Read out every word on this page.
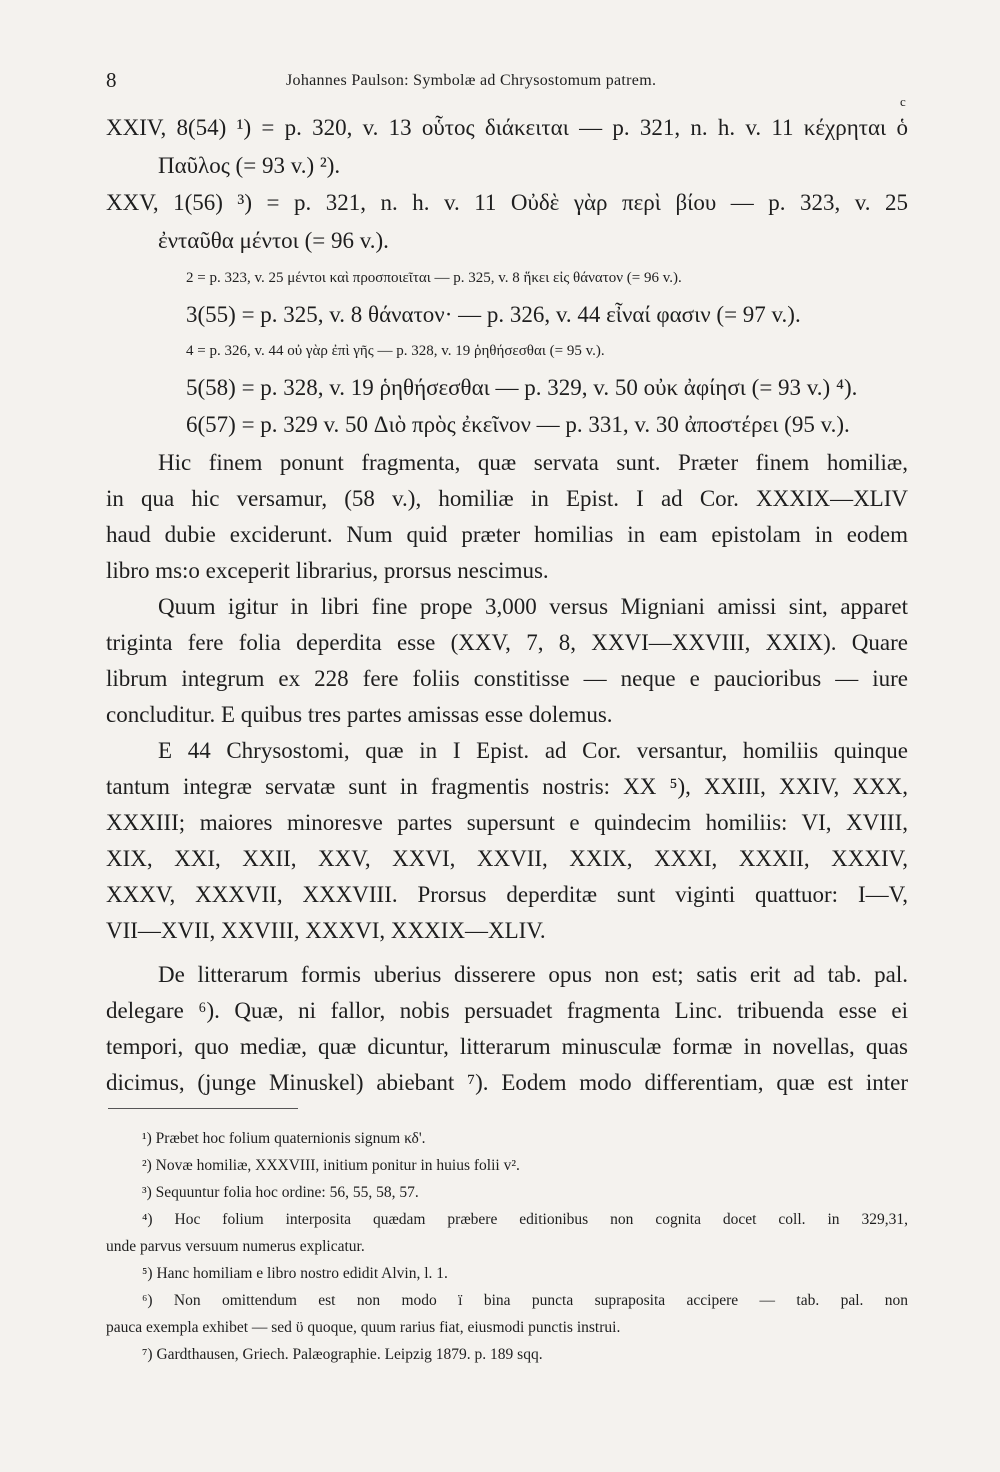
8	Johannes Paulson: Symbolæ ad Chrysostomum patrem.
c
XXIV, 8(54) ¹) = p. 320, v. 13 οὗτος διάκειται — p. 321, n. h. v. 11 κέχρηται ὁ
Παῦλος (= 93 v.) ²).
XXV, 1(56) ³) = p. 321, n. h. v. 11 Οὐδὲ γὰρ περὶ βίου — p. 323, v. 25
ἐνταῦθα μέντοι (= 96 v.).
2 = p. 323, v. 25 μέντοι καὶ προσποιεῖται — p. 325, v. 8 ἥκει εἰς θάνατον (= 96 v.).
3(55) = p. 325, v. 8 θάνατον· — p. 326, v. 44 εἶναί φασιν (= 97 v.).
4 = p. 326, v. 44 οὐ γὰρ ἐπὶ γῆς — p. 328, v. 19 ῥηθήσεσθαι (= 95 v.).
5(58) = p. 328, v. 19 ῥηθήσεσθαι — p. 329, v. 50 οὐκ ἀφίησι (= 93 v.) ⁴).
6(57) = p. 329 v. 50 Διὸ πρὸς ἐκεῖνον — p. 331, v. 30 ἀποστέρει (95 v.).
Hic finem ponunt fragmenta, quæ servata sunt. Præter finem homiliæ,
in qua hic versamur, (58 v.), homiliæ in Epist. I ad Cor. XXXIX—XLIV
haud dubie exciderunt. Num quid præter homilias in eam epistolam in eodem
libro ms:o exceperit librarius, prorsus nescimus.
Quum igitur in libri fine prope 3,000 versus Migniani amissi sint, apparet
triginta fere folia deperdita esse (XXV, 7, 8, XXVI—XXVIII, XXIX). Quare
librum integrum ex 228 fere foliis constitisse — neque e paucioribus — iure
concluditur. E quibus tres partes amissas esse dolemus.
E 44 Chrysostomi, quæ in I Epist. ad Cor. versantur, homiliis quinque
tantum integræ servatæ sunt in fragmentis nostris: XX ⁵), XXIII, XXIV, XXX,
XXXIII; maiores minoresve partes supersunt e quindecim homiliis: VI, XVIII,
XIX, XXI, XXII, XXV, XXVI, XXVII, XXIX, XXXI, XXXII, XXXIV,
XXXV, XXXVII, XXXVIII. Prorsus deperditæ sunt viginti quattuor: I—V,
VII—XVII, XXVIII, XXXVI, XXXIX—XLIV.
De litterarum formis uberius disserere opus non est; satis erit ad tab. pal.
delegare ⁶). Quæ, ni fallor, nobis persuadet fragmenta Linc. tribuenda esse ei
tempori, quo mediæ, quæ dicuntur, litterarum minusculæ formæ in novellas, quas
dicimus, (junge Minuskel) abiebant ⁷). Eodem modo differentiam, quæ est inter
¹) Præbet hoc folium quaternionis signum κδ'.
²) Novæ homiliæ, XXXVIII, initium ponitur in huius folii v².
³) Sequuntur folia hoc ordine: 56, 55, 58, 57.
⁴) Hoc folium interposita quædam præbere editionibus non cognita docet coll. in 329,31,
unde parvus versuum numerus explicatur.
⁵) Hanc homiliam e libro nostro edidit Alvin, l. 1.
⁶) Non omittendum est non modo ï bina puncta supraposita accipere — tab. pal. non
pauca exempla exhibet — sed ϋ quoque, quum rarius fiat, eiusmodi punctis instrui.
⁷) Gardthausen, Griech. Palæographie. Leipzig 1879. p. 189 sqq.
